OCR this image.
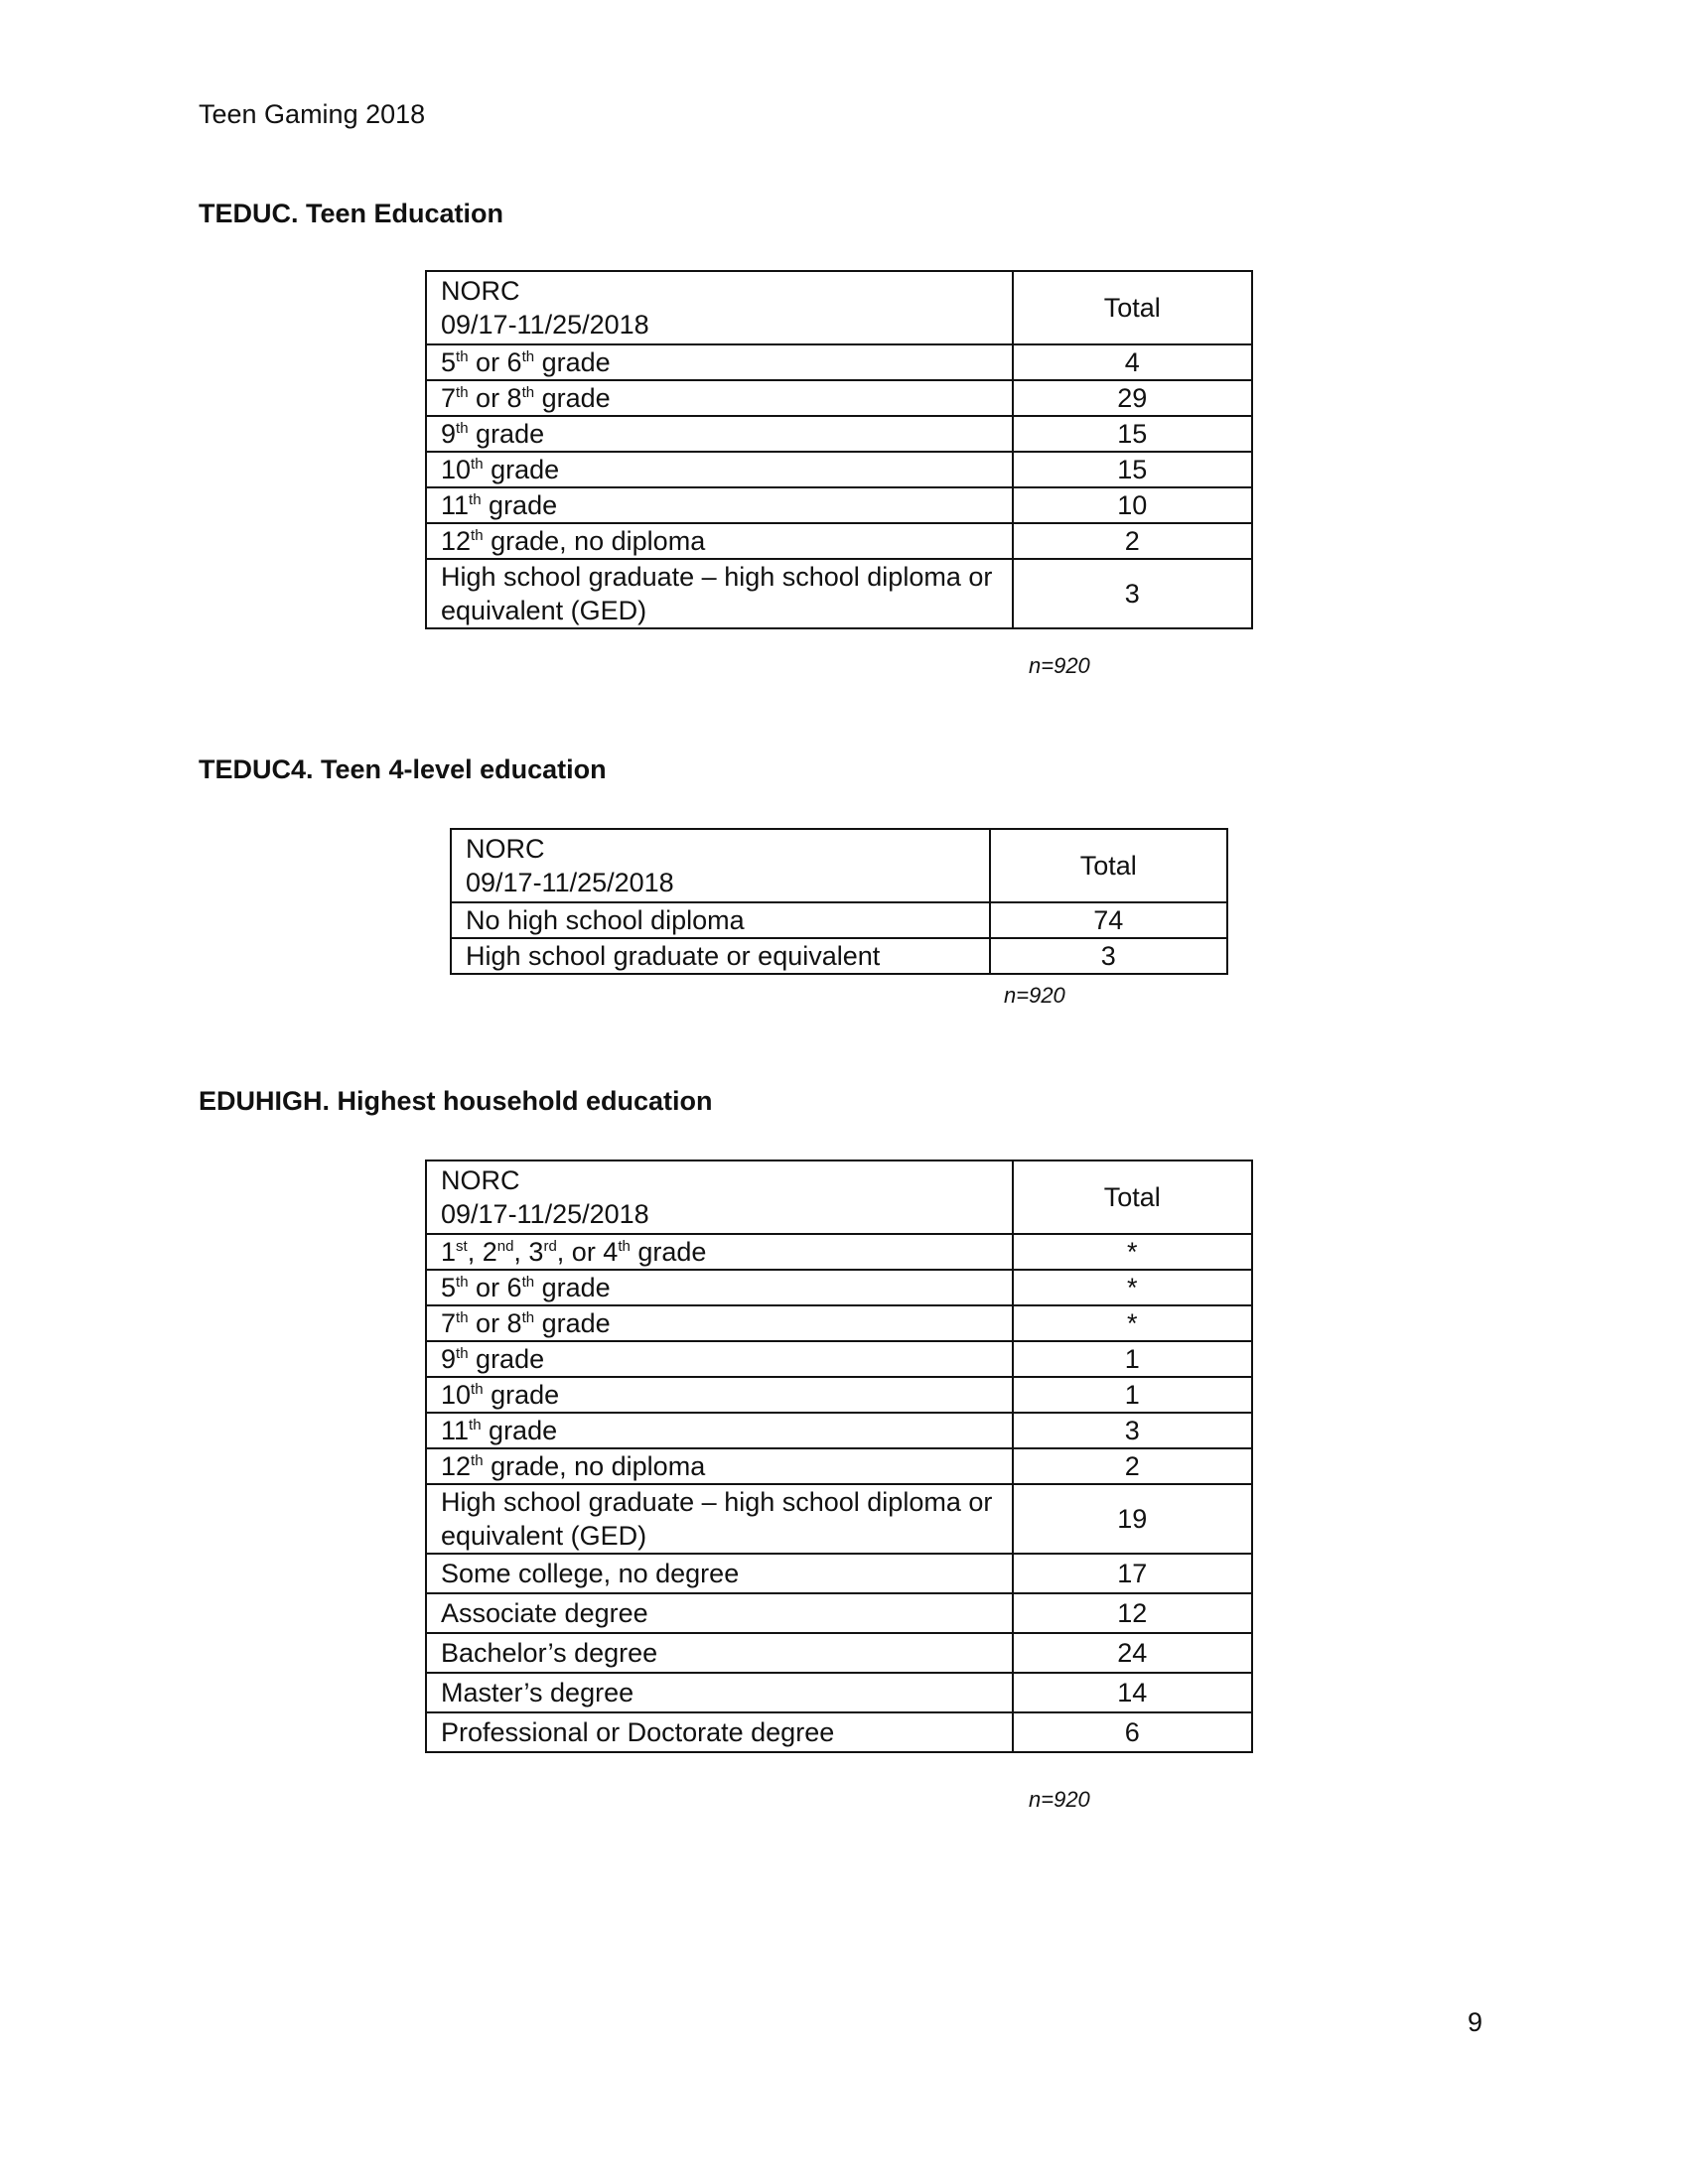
Teen Gaming 2018
TEDUC. Teen Education
NORC
09/17-11/25/2018	Total
5th or 6th grade	4
7th or 8th grade	29
9th grade	15
10th grade	15
11th grade	10
12th grade, no diploma	2
High school graduate – high school diploma or equivalent (GED)	3
n=920
TEDUC4. Teen 4-level education
NORC
09/17-11/25/2018	Total
No high school diploma	74
High school graduate or equivalent	3
n=920
EDUHIGH. Highest household education
NORC
09/17-11/25/2018	Total
1st, 2nd, 3rd, or 4th grade	*
5th or 6th grade	*
7th or 8th grade	*
9th grade	1
10th grade	1
11th grade	3
12th grade, no diploma	2
High school graduate – high school diploma or equivalent (GED)	19
Some college, no degree	17
Associate degree	12
Bachelor’s degree	24
Master’s degree	14
Professional or Doctorate degree	6
n=920
9
